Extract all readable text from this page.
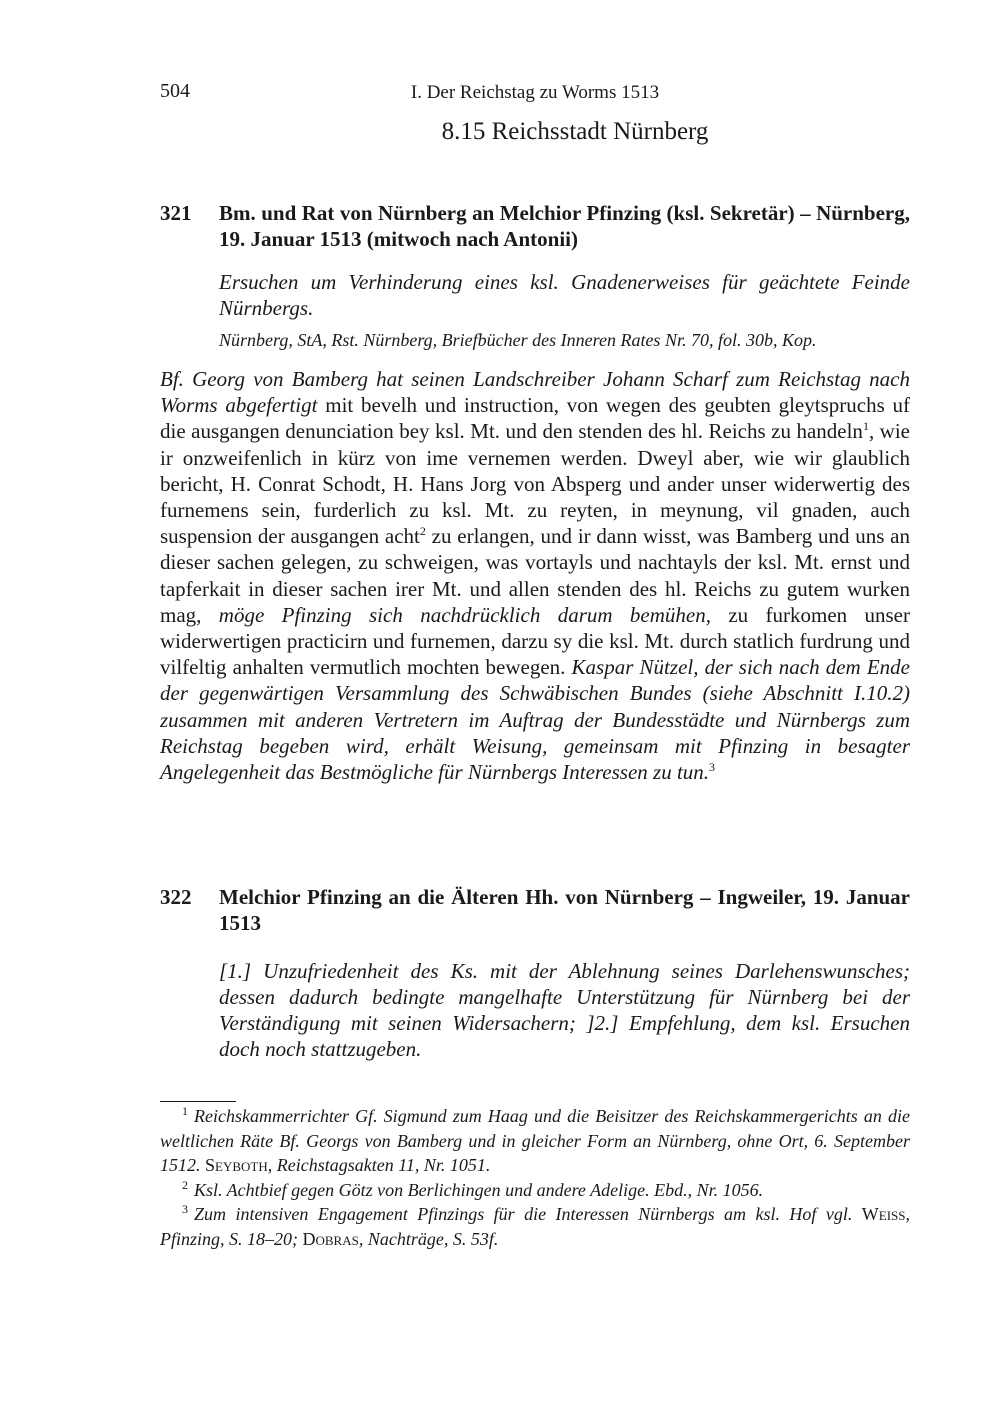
504	I. Der Reichstag zu Worms 1513
8.15 Reichsstadt Nürnberg
321 Bm. und Rat von Nürnberg an Melchior Pfinzing (ksl. Sekretär) – Nürnberg, 19. Januar 1513 (mitwoch nach Antonii)
Ersuchen um Verhinderung eines ksl. Gnadenerweises für geächtete Feinde Nürnbergs.
Nürnberg, StA, Rst. Nürnberg, Briefbücher des Inneren Rates Nr. 70, fol. 30b, Kop.
Bf. Georg von Bamberg hat seinen Landschreiber Johann Scharf zum Reichstag nach Worms abgefertigt mit bevelh und instruction, von wegen des geubten gleytspruchs uf die ausgangen denunciation bey ksl. Mt. und den stenden des hl. Reichs zu handeln$^1$, wie ir onzweifenlich in kürz von ime vernemen werden. Dweyl aber, wie wir glaublich bericht, H. Conrat Schodt, H. Hans Jorg von Absperg und ander unser widerwertig des furnemens sein, furderlich zu ksl. Mt. zu reyten, in meynung, vil gnaden, auch suspension der ausgangen acht$^2$ zu erlangen, und ir dann wisst, was Bamberg und uns an dieser sachen gelegen, zu schweigen, was vortayls und nachtayls der ksl. Mt. ernst und tapferkait in dieser sachen irer Mt. und allen stenden des hl. Reichs zu gutem wurken mag, möge Pfinzing sich nachdrücklich darum bemühen, zu furkomen unser widerwertigen practicirn und furnemen, darzu sy die ksl. Mt. durch statlich furdrung und vilfeltig anhalten vermutlich mochten bewegen. Kaspar Nützel, der sich nach dem Ende der gegenwärtigen Versammlung des Schwäbischen Bundes (siehe Abschnitt I.10.2) zusammen mit anderen Vertretern im Auftrag der Bundesstädte und Nürnbergs zum Reichstag begeben wird, erhält Weisung, gemeinsam mit Pfinzing in besagter Angelegenheit das Bestmögliche für Nürnbergs Interessen zu tun.$^3$
322 Melchior Pfinzing an die Älteren Hh. von Nürnberg – Ingweiler, 19. Januar 1513
[1.] Unzufriedenheit des Ks. mit der Ablehnung seines Darlehenswunsches; dessen dadurch bedingte mangelhafte Unterstützung für Nürnberg bei der Verständigung mit seinen Widersachern; ]2.] Empfehlung, dem ksl. Ersuchen doch noch stattzugeben.

$^1$ Reichskammerrichter Gf. Sigmund zum Haag und die Beisitzer des Reichskammergerichts an die weltlichen Räte Bf. Georgs von Bamberg und in gleicher Form an Nürnberg, ohne Ort, 6. September 1512. Seyboth, Reichstagsakten 11, Nr. 1051.

$^2$ Ksl. Achtbief gegen Götz von Berlichingen und andere Adelige. Ebd., Nr. 1056.

$^3$ Zum intensiven Engagement Pfinzings für die Interessen Nürnbergs am ksl. Hof vgl. Weiß, Pfinzing, S. 18–20; Dobras, Nachträge, S. 53f.
